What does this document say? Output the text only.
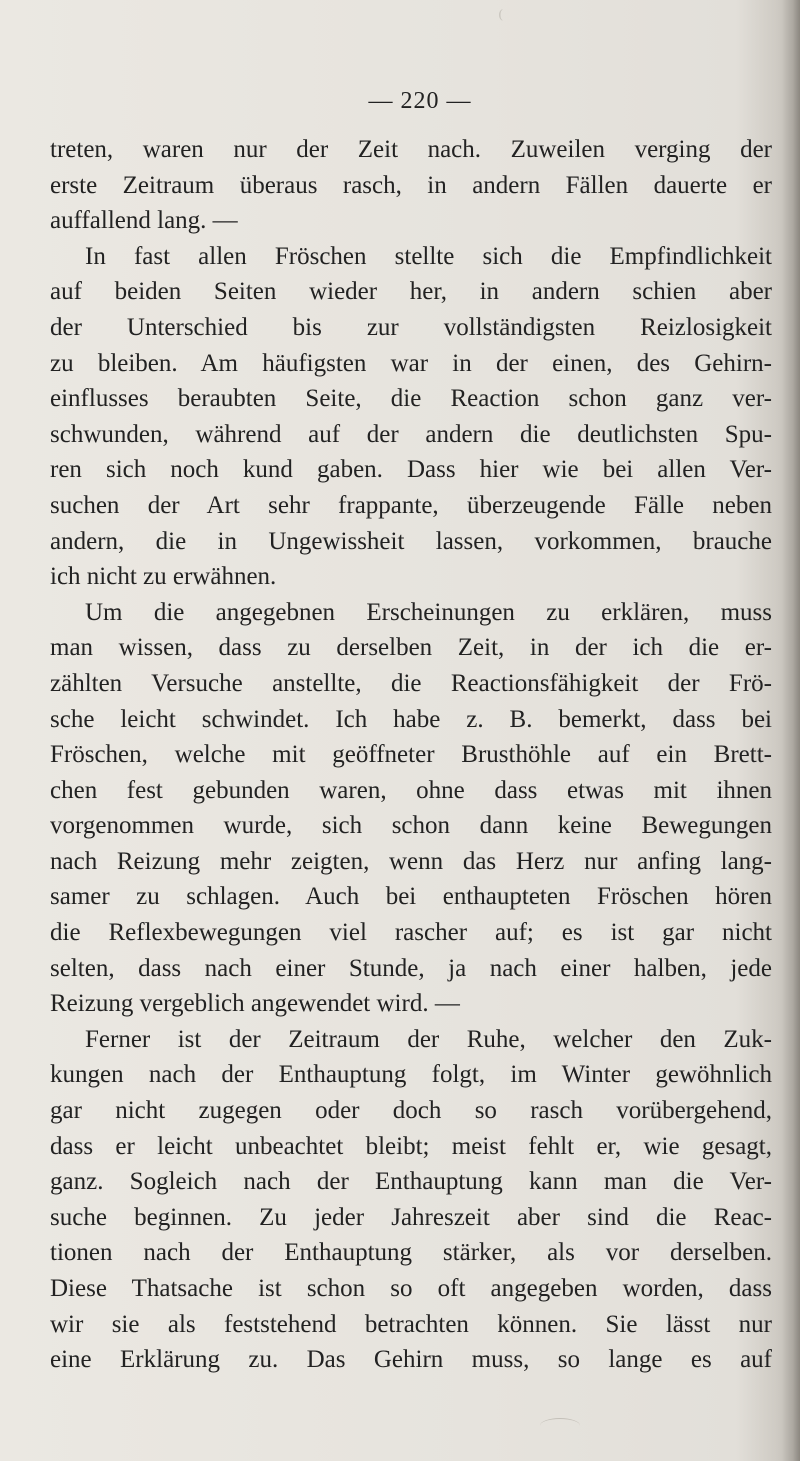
⁽
— 220 —
treten, waren nur der Zeit nach. Zuweilen verging der
erste Zeitraum überaus rasch, in andern Fällen dauerte er
auffallend lang. —
In fast allen Fröschen stellte sich die Empfindlichkeit
auf beiden Seiten wieder her, in andern schien aber
der Unterschied bis zur vollständigsten Reizlosigkeit
zu bleiben. Am häufigsten war in der einen, des Gehirn-
einflusses beraubten Seite, die Reaction schon ganz ver-
schwunden, während auf der andern die deutlichsten Spu-
ren sich noch kund gaben. Dass hier wie bei allen Ver-
suchen der Art sehr frappante, überzeugende Fälle neben
andern, die in Ungewissheit lassen, vorkommen, brauche
ich nicht zu erwähnen.
Um die angegebnen Erscheinungen zu erklären, muss
man wissen, dass zu derselben Zeit, in der ich die er-
zählten Versuche anstellte, die Reactionsfähigkeit der Frö-
sche leicht schwindet. Ich habe z. B. bemerkt, dass bei
Fröschen, welche mit geöffneter Brusthöhle auf ein Brett-
chen fest gebunden waren, ohne dass etwas mit ihnen
vorgenommen wurde, sich schon dann keine Bewegungen
nach Reizung mehr zeigten, wenn das Herz nur anfing lang-
samer zu schlagen. Auch bei enthaupteten Fröschen hören
die Reflexbewegungen viel rascher auf; es ist gar nicht
selten, dass nach einer Stunde, ja nach einer halben, jede
Reizung vergeblich angewendet wird. —
Ferner ist der Zeitraum der Ruhe, welcher den Zuk-
kungen nach der Enthauptung folgt, im Winter gewöhnlich
gar nicht zugegen oder doch so rasch vorübergehend,
dass er leicht unbeachtet bleibt; meist fehlt er, wie gesagt,
ganz. Sogleich nach der Enthauptung kann man die Ver-
suche beginnen. Zu jeder Jahreszeit aber sind die Reac-
tionen nach der Enthauptung stärker, als vor derselben.
Diese Thatsache ist schon so oft angegeben worden, dass
wir sie als feststehend betrachten können. Sie lässt nur
eine Erklärung zu. Das Gehirn muss, so lange es auf
